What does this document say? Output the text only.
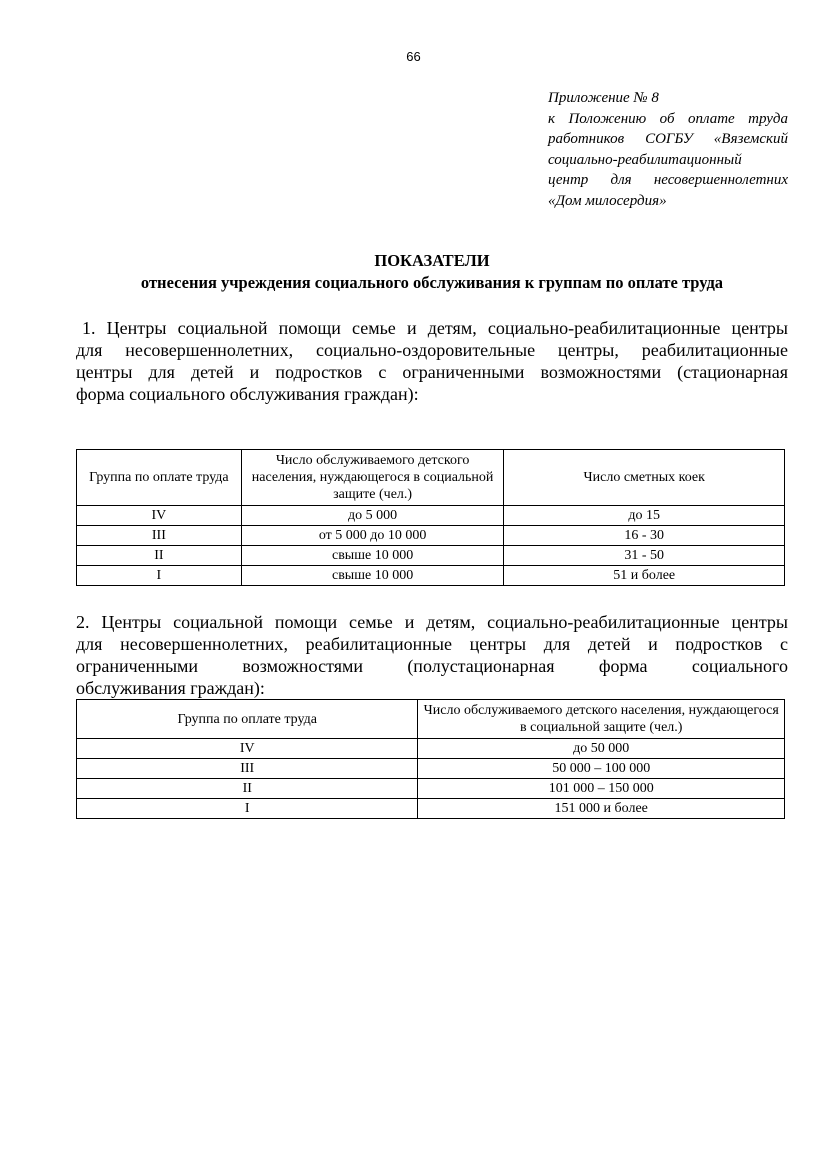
66
Приложение № 8
к Положению об оплате труда
работников СОГБУ «Вяземский
социально-реабилитационный
центр для несовершеннолетних
«Дом милосердия»
ПОКАЗАТЕЛИ
отнесения учреждения социального обслуживания к группам по оплате труда
1. Центры социальной помощи семье и детям, социально-реабилитационные центры
для несовершеннолетних, социально-оздоровительные центры, реабилитационные
центры для детей и подростков с ограниченными возможностями (стационарная
форма социального обслуживания граждан):
Группа по оплате труда	Число обслуживаемого детского населения, нуждающегося в социальной защите (чел.)	Число сметных коек
IV	до 5 000	до 15
III	от 5 000 до 10 000	16 - 30
II	свыше 10 000	31 - 50
I	свыше 10 000	51 и более
2. Центры социальной помощи семье и детям, социально-реабилитационные центры
для несовершеннолетних, реабилитационные центры для детей и подростков с
ограниченными возможностями (полустационарная форма социального
обслуживания граждан):
Группа по оплате труда	Число обслуживаемого детского населения, нуждающегося в социальной защите (чел.)
IV	до 50 000
III	50 000 – 100 000
II	101 000 – 150 000
I	151 000 и более
